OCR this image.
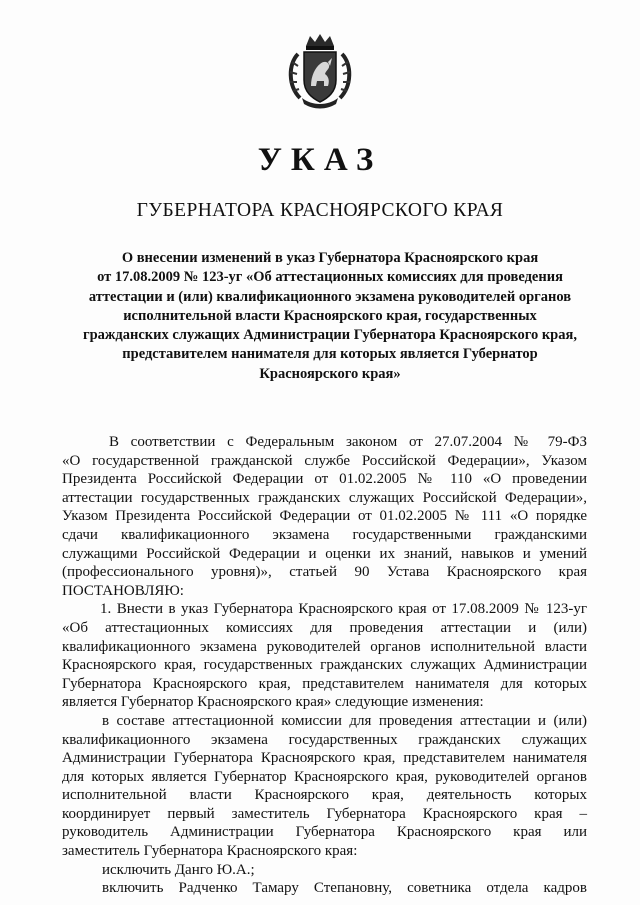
УКАЗ
ГУБЕРНАТОРА КРАСНОЯРСКОГО КРАЯ
О внесении изменений в указ Губернатора Красноярского края
от 17.08.2009 № 123-уг «Об аттестационных комиссиях для проведения
аттестации и (или) квалификационного экзамена руководителей органов
исполнительной власти Красноярского края, государственных
гражданских служащих Администрации Губернатора Красноярского края,
представителем нанимателя для которых является Губернатор
Красноярского края»
В соответствии с Федеральным законом от 27.07.2004 № 79-ФЗ
«О государственной гражданской службе Российской Федерации», Указом
Президента Российской Федерации от 01.02.2005 № 110 «О проведении
аттестации государственных гражданских служащих Российской Федерации»,
Указом Президента Российской Федерации от 01.02.2005 № 111 «О порядке
сдачи квалификационного экзамена государственными гражданскими
служащими Российской Федерации и оценки их знаний, навыков и умений
(профессионального уровня)», статьей 90 Устава Красноярского края
ПОСТАНОВЛЯЮ:
1. Внести в указ Губернатора Красноярского края от 17.08.2009 № 123-уг
«Об аттестационных комиссиях для проведения аттестации и (или)
квалификационного экзамена руководителей органов исполнительной власти
Красноярского края, государственных гражданских служащих Администрации
Губернатора Красноярского края, представителем нанимателя для которых
является Губернатор Красноярского края» следующие изменения:
в составе аттестационной комиссии для проведения аттестации и (или)
квалификационного экзамена государственных гражданских служащих
Администрации Губернатора Красноярского края, представителем нанимателя
для которых является Губернатор Красноярского края, руководителей органов
исполнительной власти Красноярского края, деятельность которых
координирует первый заместитель Губернатора Красноярского края –
руководитель Администрации Губернатора Красноярского края или
заместитель Губернатора Красноярского края:
исключить Данго Ю.А.;
включить Радченко Тамару Степановну, советника отдела кадров
